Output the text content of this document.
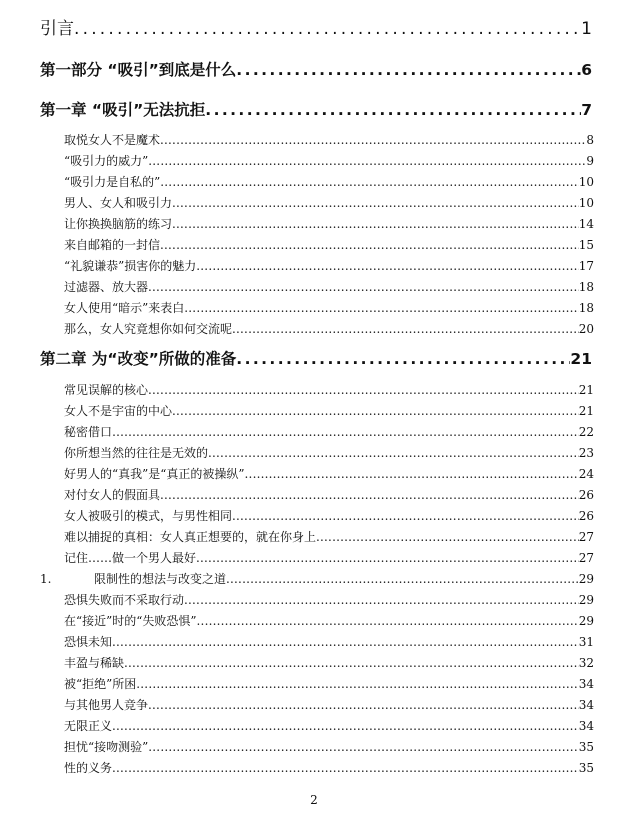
引言 .....	1
第一部分 “吸引”到底是什么 .....	6
第一章 “吸引”无法抗拒 .....	7
取悦女人不是魔术 .....	8
“吸引力的威力” .....	9
“吸引力是自私的” .....	10
男人、女人和吸引力 .....	10
让你换换脑筋的练习 .....	14
来自邮箱的一封信 .....	15
“礼貌谦恭”损害你的魅力 .....	17
过滤器、放大器 .....	18
女人使用“暗示”来表白 .....	18
那么，女人究竟想你如何交流呢 .....	20
第二章 为“改变”所做的准备 .....	21
常见误解的核心 .....	21
女人不是宇宙的中心 .....	21
秘密借口…… .....	22
你所想当然的往往是无效的 .....	23
好男人的“真我”是“真正的被操纵” .....	24
对付女人的假面具 .....	26
女人被吸引的模式，与男性相同 .....	26
难以捕捉的真相：女人真正想要的，就在你身上 .....	27
记住……做一个男人最好 .....	27
1.	限制性的想法与改变之道 .....	29
恐惧失败而不采取行动 .....	29
在“接近”时的“失败恐惧” .....	29
恐惧未知 .....	31
丰盈与稀缺 .....	32
被“拒绝”所困 .....	34
与其他男人竞争 .....	34
无限正义 .....	34
担忧“接吻测验” .....	35
性的义务 .....	35
2
